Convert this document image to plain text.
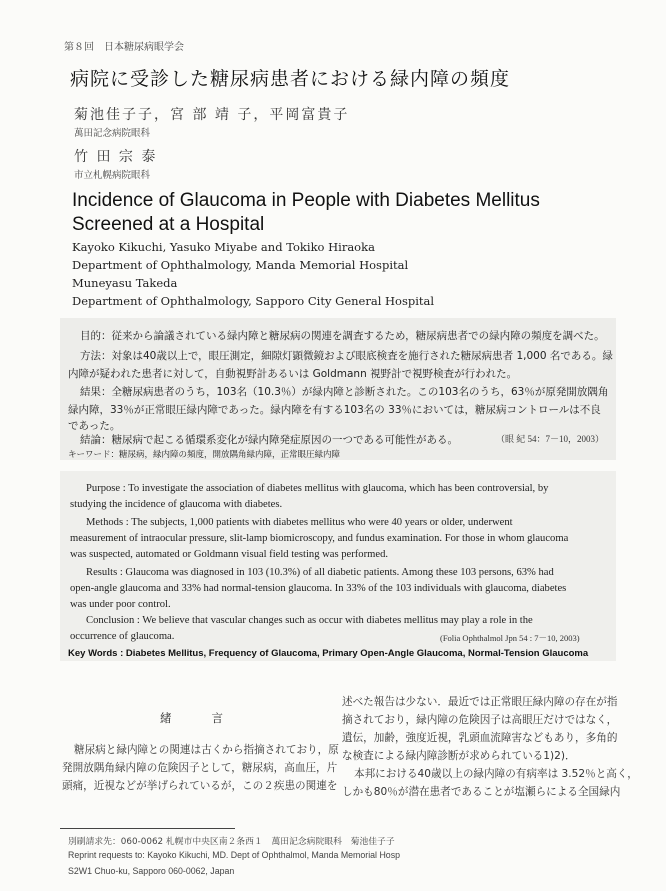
第８回　日本糖尿病眼学会
病院に受診した糖尿病患者における緑内障の頻度
菊池佳子子，宮 部 靖 子，平岡富貴子
萬田記念病院眼科
竹 田 宗 泰
市立札幌病院眼科
Incidence of Glaucoma in People with Diabetes Mellitus
Screened at a Hospital
Kayoko Kikuchi, Yasuko Miyabe and Tokiko Hiraoka
Department of Ophthalmology, Manda Memorial Hospital
Muneyasu Takeda
Department of Ophthalmology, Sapporo City General Hospital
目的：従来から論議されている緑内障と糖尿病の関連を調査するため，糖尿病患者での緑内障の頻度を調べた。
方法：対象は40歳以上で，眼圧測定，細隙灯顕微鏡および眼底検査を施行された糖尿病患者 1,000 名である。緑
内障が疑われた患者に対して，自動視野計あるいは Goldmann 視野計で視野検査が行われた。
結果：全糖尿病患者のうち，103名（10.3％）が緑内障と診断された。この103名のうち，63％が原発開放隅角
緑内障，33％が正常眼圧緑内障であった。緑内障を有する103名の 33％においては，糖尿病コントロールは不良
であった。
結論：糖尿病で起こる循環系変化が緑内障発症原因の一つである可能性がある。	（眼 紀 54：7－10，2003）
キーワード：糖尿病，緑内障の頻度，開放隅角緑内障，正常眼圧緑内障
Purpose : To investigate the association of diabetes mellitus with glaucoma, which has been controversial, by
studying the incidence of glaucoma with diabetes.
Methods : The subjects, 1,000 patients with diabetes mellitus who were 40 years or older, underwent
measurement of intraocular pressure, slit-lamp biomicroscopy, and fundus examination. For those in whom glaucoma
was suspected, automated or Goldmann visual field testing was performed.
Results : Glaucoma was diagnosed in 103 (10.3%) of all diabetic patients. Among these 103 persons, 63% had
open-angle glaucoma and 33% had normal-tension glaucoma. In 33% of the 103 individuals with glaucoma, diabetes
was under poor control.
Conclusion : We believe that vascular changes such as occur with diabetes mellitus may play a role in the
occurrence of glaucoma.	(Folia Ophthalmol Jpn 54 : 7－10, 2003)
Key Words : Diabetes Mellitus, Frequency of Glaucoma, Primary Open-Angle Glaucoma, Normal-Tension Glaucoma
緒言
糖尿病と緑内障との関連は古くから指摘されており，原
発開放隅角緑内障の危険因子として，糖尿病，高血圧，片
頭痛，近視などが挙げられているが，この２疾患の関連を
述べた報告は少ない．最近では正常眼圧緑内障の存在が指
摘されており，緑内障の危険因子は高眼圧だけではなく，
遺伝，加齢，強度近視，乳頭血流障害などもあり，多角的
な検査による緑内障診断が求められている1)2)．
本邦における40歳以上の緑内障の有病率は 3.52％と高く，
しかも80％が潜在患者であることが塩瀬らによる全国緑内
別刷請求先：060-0062 札幌市中央区南２条西１　萬田記念病院眼科　菊池佳子子
Reprint requests to: Kayoko Kikuchi, MD. Dept of Ophthalmol, Manda Memorial Hosp
S2W1 Chuo-ku, Sapporo 060-0062, Japan
